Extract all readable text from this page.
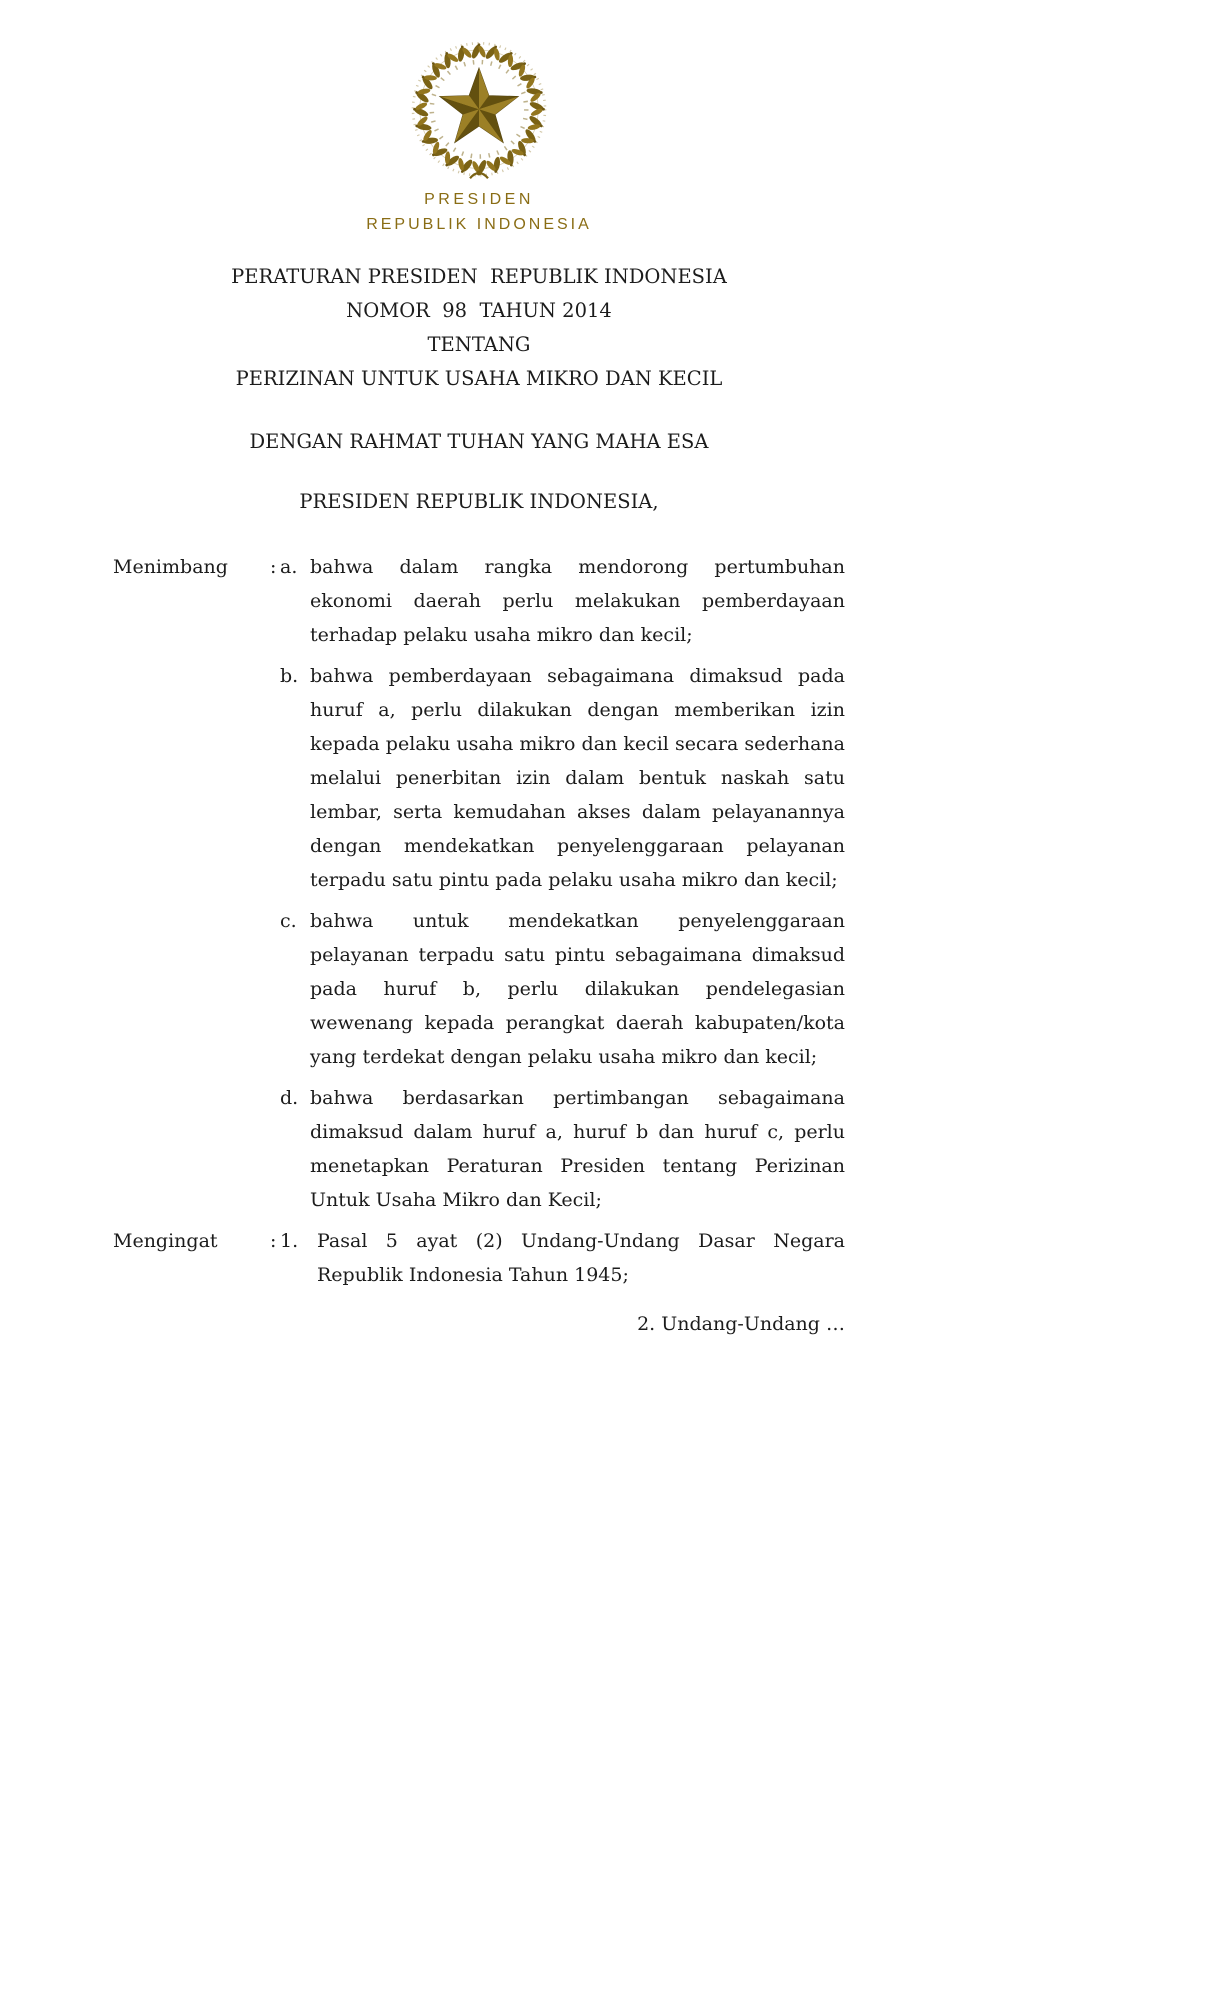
PRESIDEN
REPUBLIK INDONESIA
PERATURAN PRESIDEN  REPUBLIK INDONESIA
NOMOR  98  TAHUN 2014
TENTANG
PERIZINAN UNTUK USAHA MIKRO DAN KECIL
DENGAN RAHMAT TUHAN YANG MAHA ESA
PRESIDEN REPUBLIK INDONESIA,
Menimbang : a. bahwa dalam rangka mendorong pertumbuhan ekonomi daerah perlu melakukan pemberdayaan terhadap pelaku usaha mikro dan kecil;

b. bahwa pemberdayaan sebagaimana dimaksud pada huruf a, perlu dilakukan dengan memberikan izin kepada pelaku usaha mikro dan kecil secara sederhana melalui penerbitan izin dalam bentuk naskah satu lembar, serta kemudahan akses dalam pelayanannya dengan mendekatkan penyelenggaraan pelayanan terpadu satu pintu pada pelaku usaha mikro dan kecil;

c. bahwa untuk mendekatkan penyelenggaraan pelayanan terpadu satu pintu sebagaimana dimaksud pada huruf b, perlu dilakukan pendelegasian wewenang kepada perangkat daerah kabupaten/kota yang terdekat dengan pelaku usaha mikro dan kecil;

d. bahwa berdasarkan pertimbangan sebagaimana dimaksud dalam huruf a, huruf b dan huruf c, perlu menetapkan Peraturan Presiden tentang Perizinan Untuk Usaha Mikro dan Kecil;

Mengingat	: 1. Pasal 5 ayat (2) Undang-Undang Dasar Negara Republik Indonesia Tahun 1945;

2. Undang-Undang …
